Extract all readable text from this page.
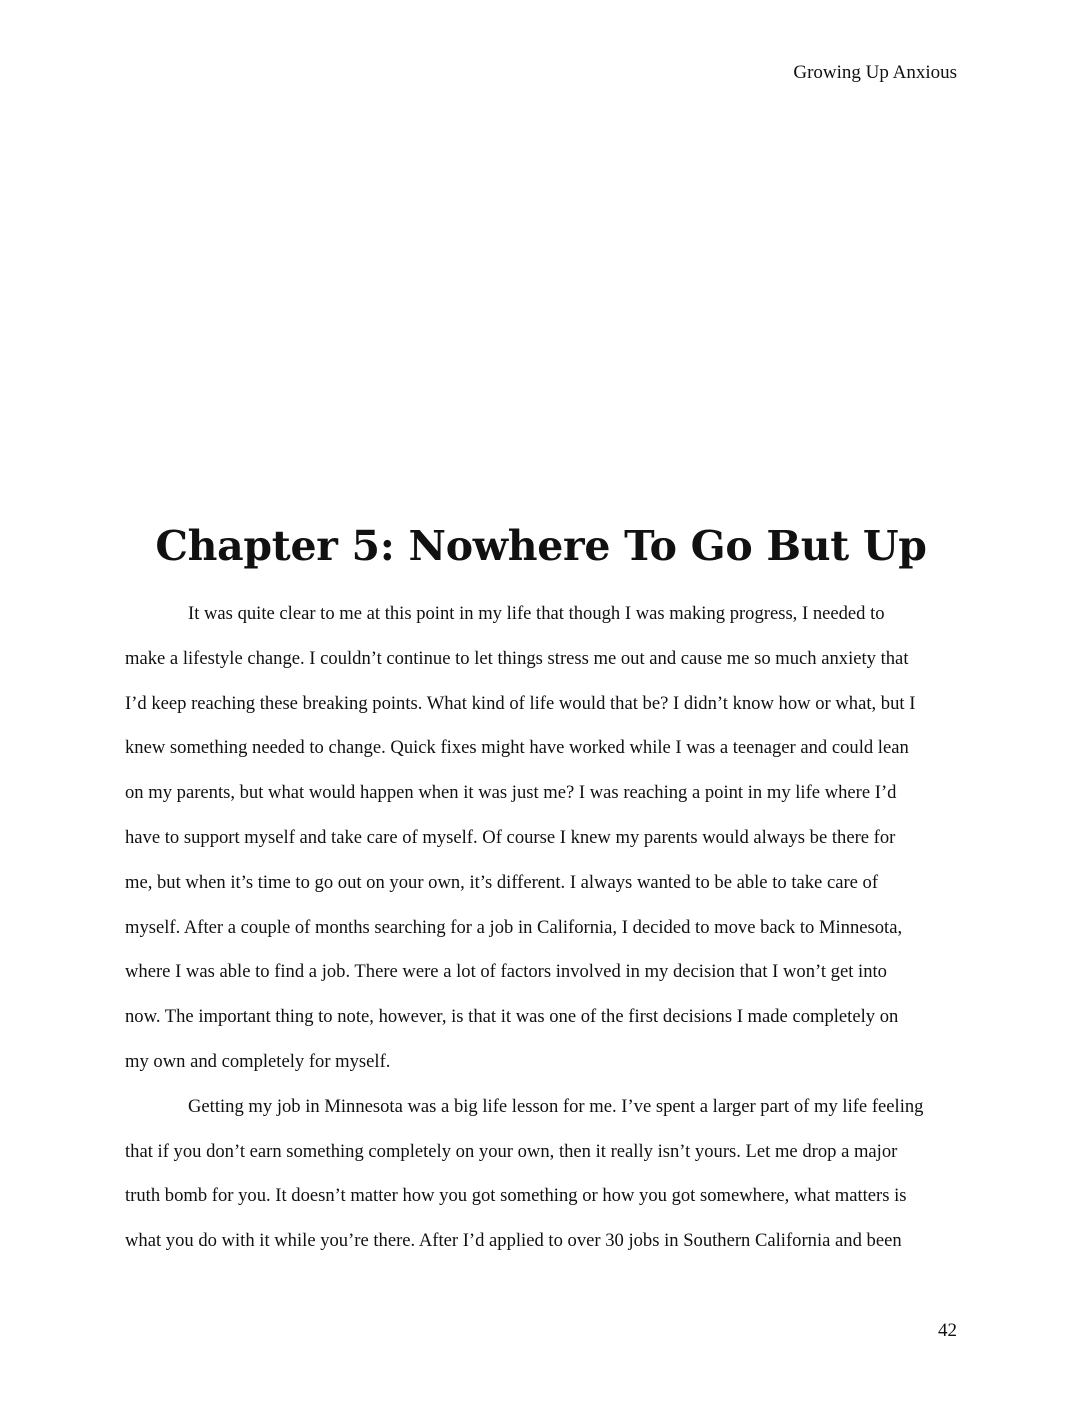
Growing Up Anxious
Chapter 5: Nowhere To Go But Up
It was quite clear to me at this point in my life that though I was making progress, I needed to
make a lifestyle change. I couldn’t continue to let things stress me out and cause me so much anxiety that
I’d keep reaching these breaking points. What kind of life would that be? I didn’t know how or what, but I
knew something needed to change. Quick fixes might have worked while I was a teenager and could lean
on my parents, but what would happen when it was just me? I was reaching a point in my life where I’d
have to support myself and take care of myself. Of course I knew my parents would always be there for
me, but when it’s time to go out on your own, it’s different. I always wanted to be able to take care of
myself. After a couple of months searching for a job in California, I decided to move back to Minnesota,
where I was able to find a job. There were a lot of factors involved in my decision that I won’t get into
now. The important thing to note, however, is that it was one of the first decisions I made completely on
my own and completely for myself.
Getting my job in Minnesota was a big life lesson for me. I’ve spent a larger part of my life feeling
that if you don’t earn something completely on your own, then it really isn’t yours. Let me drop a major
truth bomb for you. It doesn’t matter how you got something or how you got somewhere, what matters is
what you do with it while you’re there. After I’d applied to over 30 jobs in Southern California and been
42
